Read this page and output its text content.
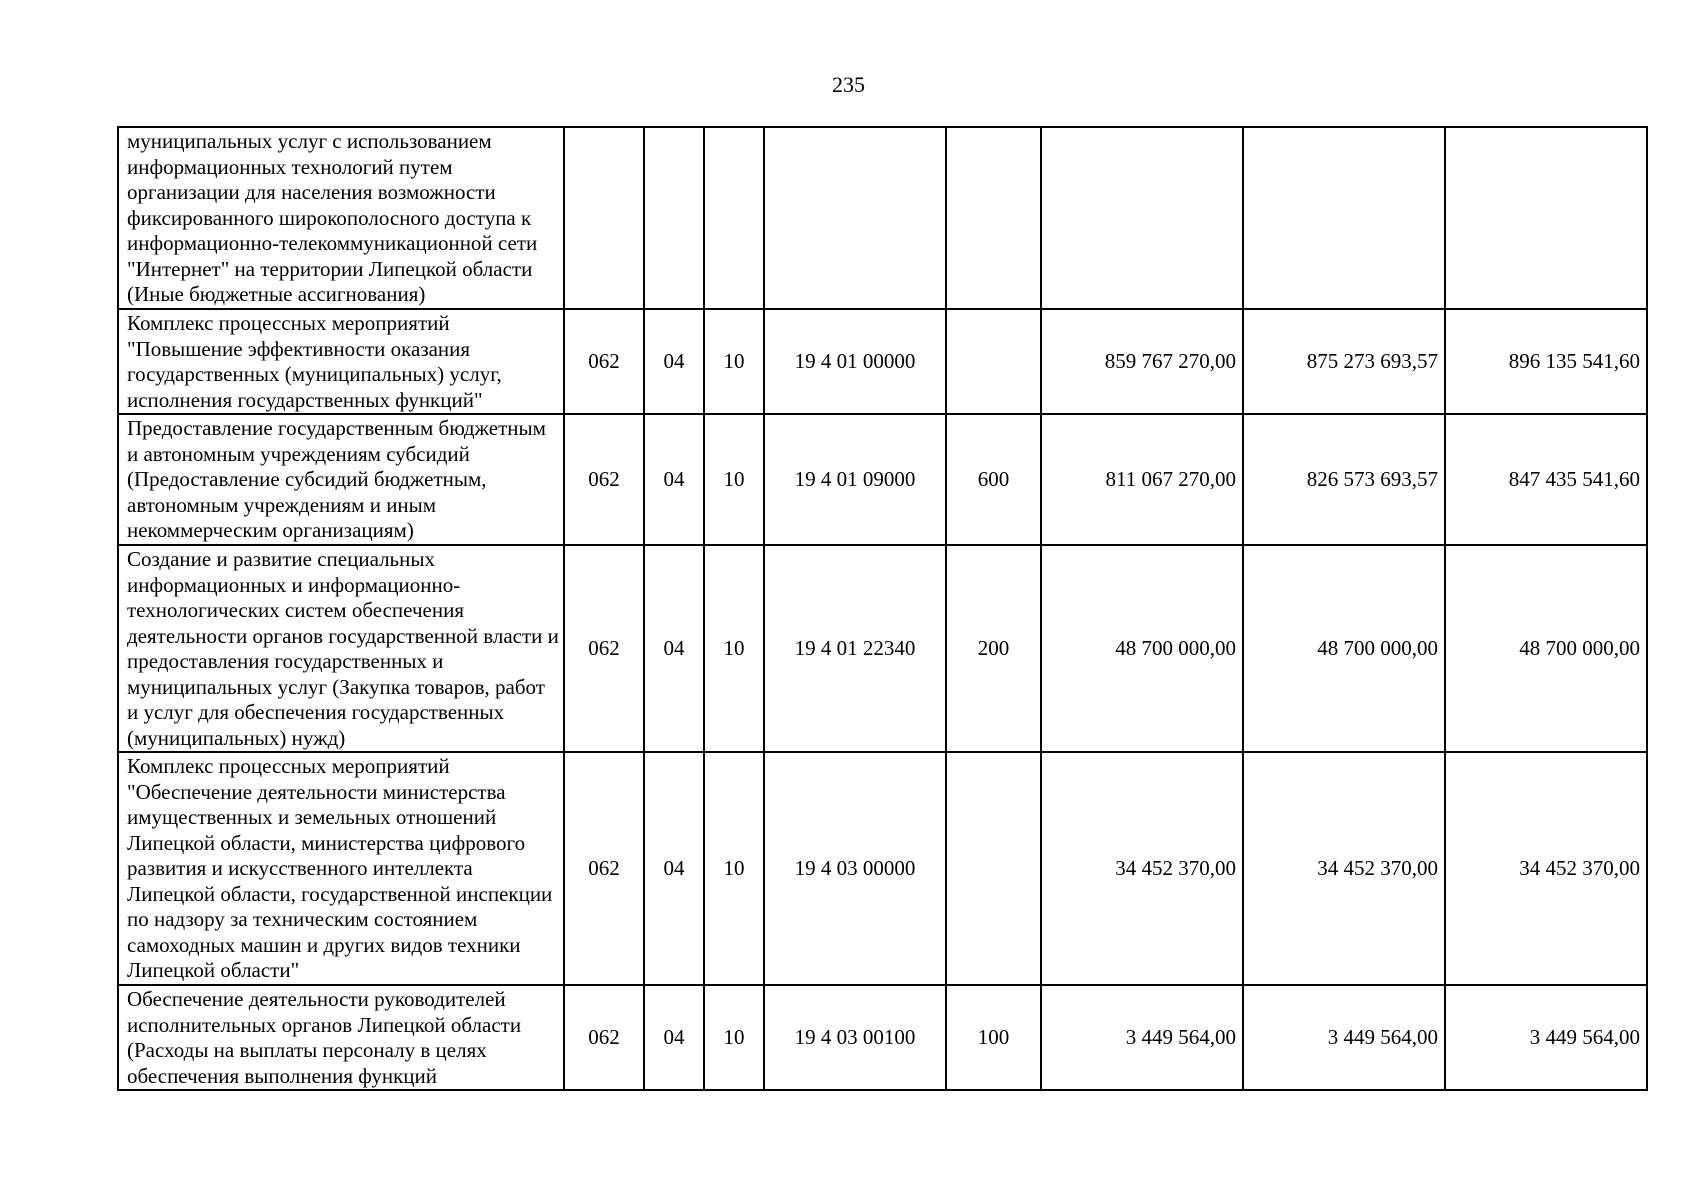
235
муниципальных услуг с использованием информационных технологий путем организации для населения возможности фиксированного широкополосного доступа к информационно-телекоммуникационной сети "Интернет" на территории Липецкой области (Иные бюджетные ассигнования)								
Комплекс процессных мероприятий "Повышение эффективности оказания государственных (муниципальных) услуг, исполнения государственных функций"	062	04	10	19 4 01 00000		859 767 270,00	875 273 693,57	896 135 541,60
Предоставление государственным бюджетным и автономным учреждениям субсидий (Предоставление субсидий бюджетным, автономным учреждениям и иным некоммерческим организациям)	062	04	10	19 4 01 09000	600	811 067 270,00	826 573 693,57	847 435 541,60
Создание и развитие специальных информационных и информационно-технологических систем обеспечения деятельности органов государственной власти и предоставления государственных и муниципальных услуг (Закупка товаров, работ и услуг для обеспечения государственных (муниципальных) нужд)	062	04	10	19 4 01 22340	200	48 700 000,00	48 700 000,00	48 700 000,00
Комплекс процессных мероприятий "Обеспечение деятельности министерства имущественных и земельных отношений Липецкой области, министерства цифрового развития и искусственного интеллекта Липецкой области, государственной инспекции по надзору за техническим состоянием самоходных машин и других видов техники Липецкой области"	062	04	10	19 4 03 00000		34 452 370,00	34 452 370,00	34 452 370,00
Обеспечение деятельности руководителей исполнительных органов Липецкой области (Расходы на выплаты персоналу в целях обеспечения выполнения функций	062	04	10	19 4 03 00100	100	3 449 564,00	3 449 564,00	3 449 564,00
